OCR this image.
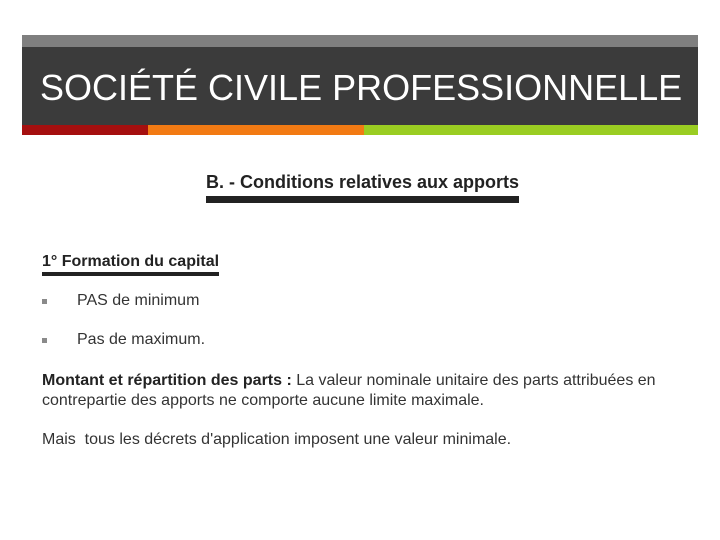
SOCIÉTÉ CIVILE PROFESSIONNELLE
B. - Conditions relatives aux apports
1° Formation du capital
PAS de minimum
Pas de maximum.
Montant et répartition des parts : La valeur nominale unitaire des parts attribuées en contrepartie des apports ne comporte aucune limite maximale.
Mais  tous les décrets d'application imposent une valeur minimale.
